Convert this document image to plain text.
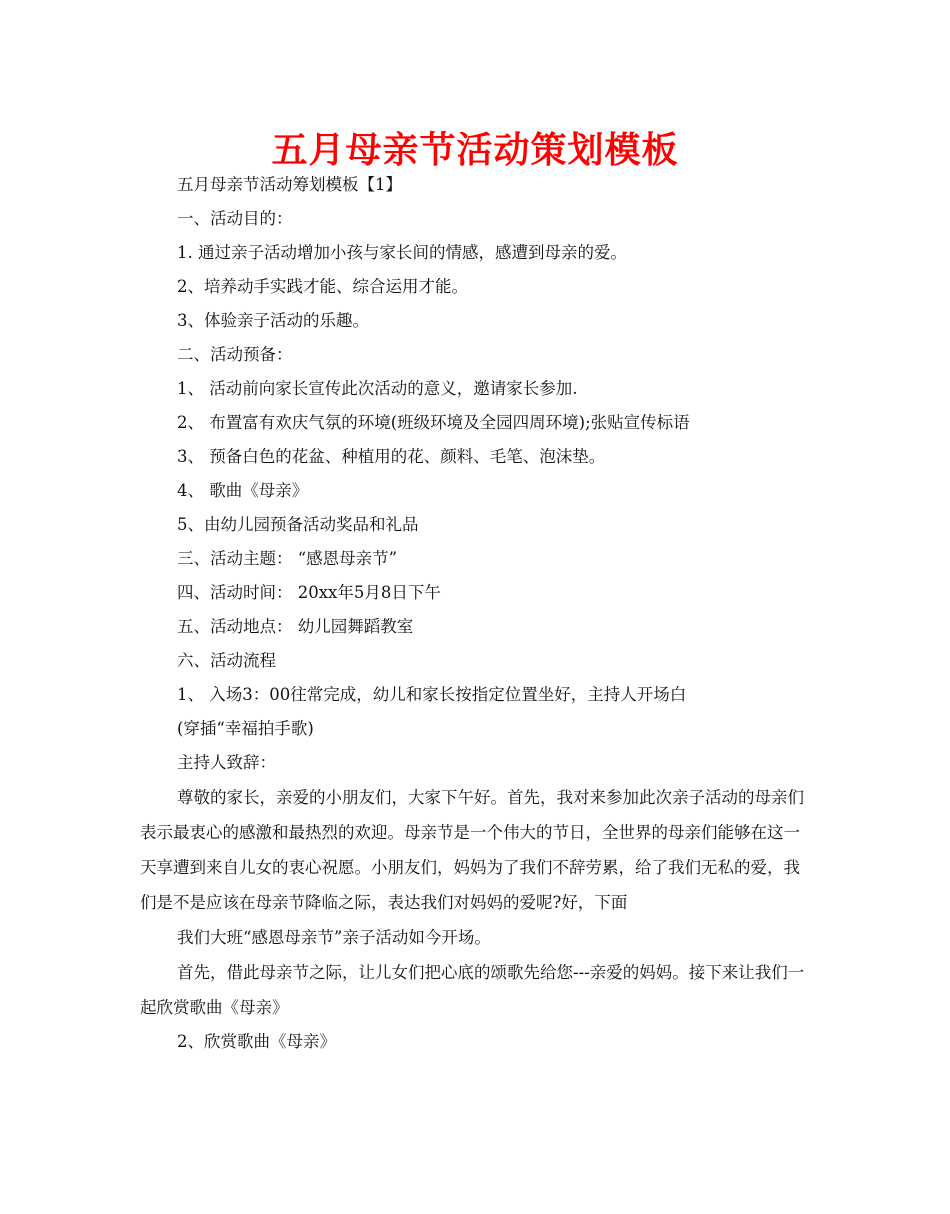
五月母亲节活动策划模板
五月母亲节活动筹划模板【1】
一、活动目的：
1. 通过亲子活动增加小孩与家长间的情感，感遭到母亲的爱。
2、培养动手实践才能、综合运用才能。
3、体验亲子活动的乐趣。
二、活动预备：
1、 活动前向家长宣传此次活动的意义，邀请家长参加.
2、 布置富有欢庆气氛的环境(班级环境及全园四周环境);张贴宣传标语
3、 预备白色的花盆、种植用的花、颜料、毛笔、泡沫垫。
4、 歌曲《母亲》
5、由幼儿园预备活动奖品和礼品
三、活动主题： “感恩母亲节”
四、活动时间： 20xx年5月8日下午
五、活动地点： 幼儿园舞蹈教室
六、活动流程
1、 入场3：00往常完成，幼儿和家长按指定位置坐好，主持人开场白
(穿插“幸福拍手歌)
主持人致辞：

尊敬的家长，亲爱的小朋友们，大家下午好。首先，我对来参加此次亲子活动的母亲们表示最衷心的感激和最热烈的欢迎。母亲节是一个伟大的节日，全世界的母亲们能够在这一天享遭到来自儿女的衷心祝愿。小朋友们，妈妈为了我们不辞劳累，给了我们无私的爱，我们是不是应该在母亲节降临之际，表达我们对妈妈的爱呢?好，下面

我们大班“感恩母亲节”亲子活动如今开场。

首先，借此母亲节之际，让儿女们把心底的颂歌先给您---亲爱的妈妈。接下来让我们一起欣赏歌曲《母亲》

2、欣赏歌曲《母亲》
